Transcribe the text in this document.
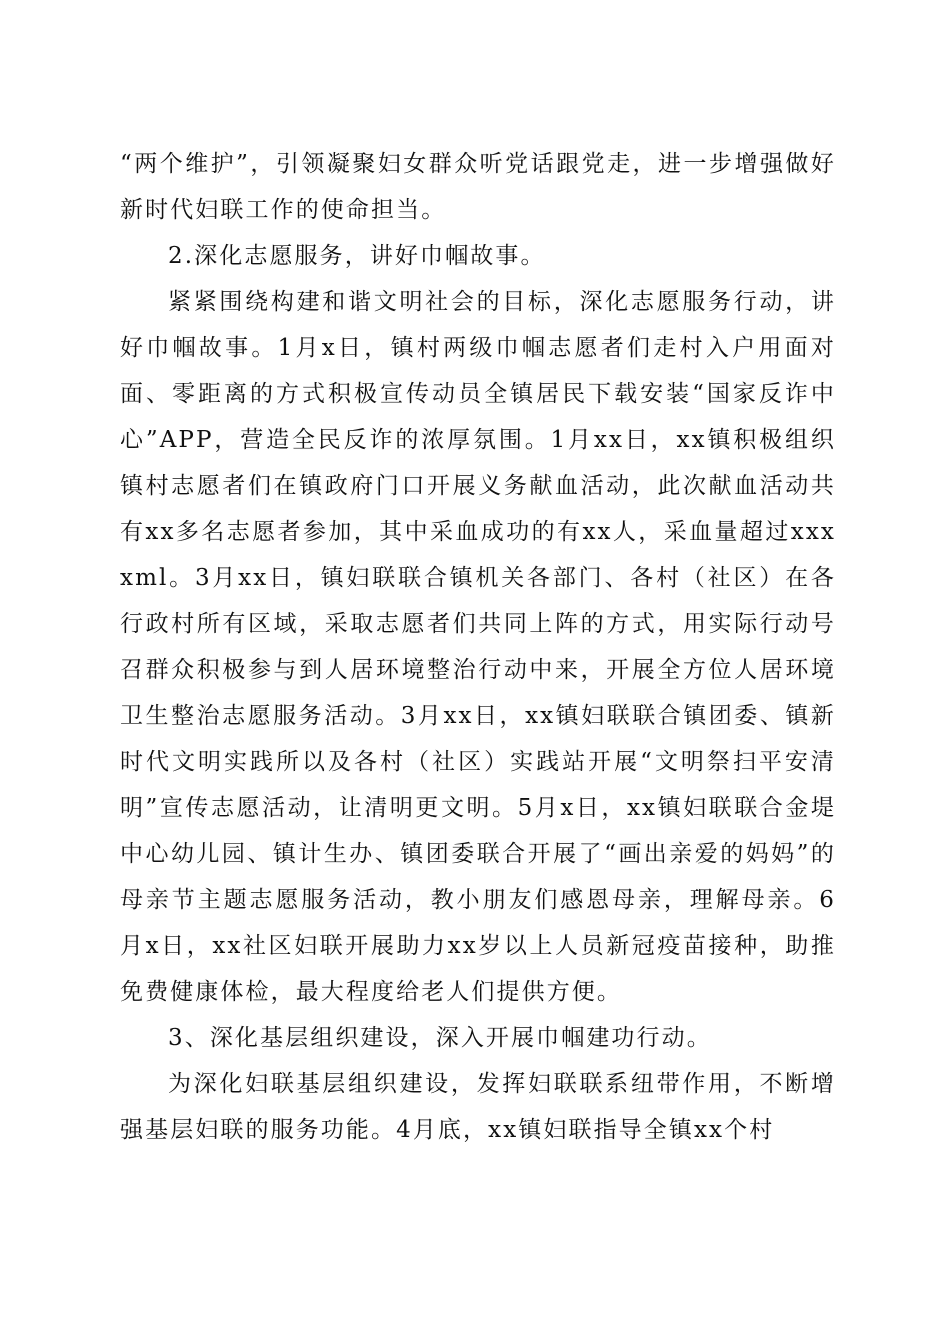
“两个维护”，引领凝聚妇女群众听党话跟党走，进一步增强做好新时代妇联工作的使命担当。

2.深化志愿服务，讲好巾帼故事。

紧紧围绕构建和谐文明社会的目标，深化志愿服务行动，讲好巾帼故事。1月x日，镇村两级巾帼志愿者们走村入户用面对面、零距离的方式积极宣传动员全镇居民下载安装“国家反诈中心”APP，营造全民反诈的浓厚氛围。1月xx日，xx镇积极组织镇村志愿者们在镇政府门口开展义务献血活动，此次献血活动共有xx多名志愿者参加，其中采血成功的有xx人，采血量超过xxxxml。3月xx日，镇妇联联合镇机关各部门、各村（社区）在各行政村所有区域，采取志愿者们共同上阵的方式，用实际行动号召群众积极参与到人居环境整治行动中来，开展全方位人居环境卫生整治志愿服务活动。3月xx日，xx镇妇联联合镇团委、镇新时代文明实践所以及各村（社区）实践站开展“文明祭扫平安清明”宣传志愿活动，让清明更文明。5月x日，xx镇妇联联合金堤中心幼儿园、镇计生办、镇团委联合开展了“画出亲爱的妈妈”的母亲节主题志愿服务活动，教小朋友们感恩母亲，理解母亲。6月x日，xx社区妇联开展助力xx岁以上人员新冠疫苗接种，助推免费健康体检，最大程度给老人们提供方便。

3、深化基层组织建设，深入开展巾帼建功行动。

为深化妇联基层组织建设，发挥妇联联系纽带作用，不断增强基层妇联的服务功能。4月底，xx镇妇联指导全镇xx个村
